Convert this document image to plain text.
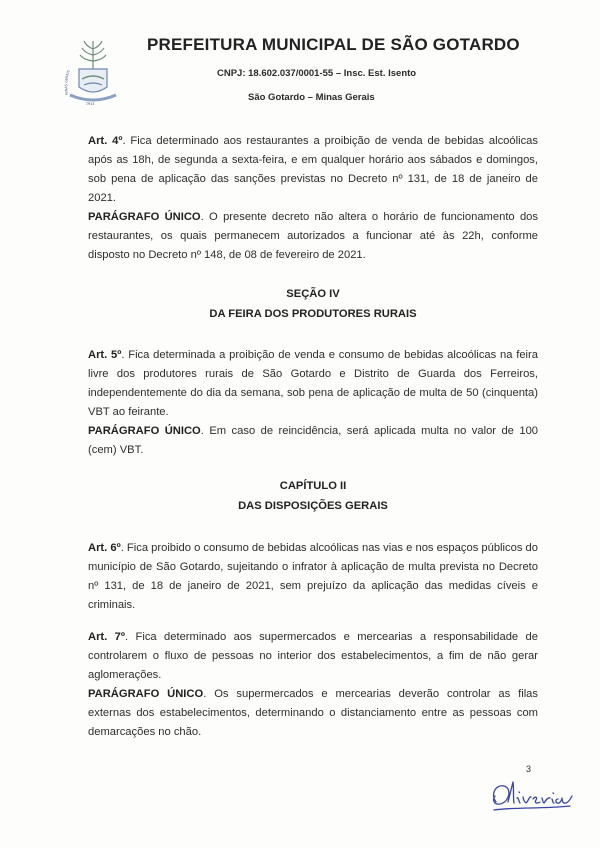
MINAS GERAIS
1914
PREFEITURA MUNICIPAL DE SÃO GOTARDO
CNPJ: 18.602.037/0001-55 – Insc. Est. Isento
São Gotardo – Minas Gerais
Art. 4º. Fica determinado aos restaurantes a proibição de venda de bebidas alcoólicas após as 18h, de segunda a sexta-feira, e em qualquer horário aos sábados e domingos, sob pena de aplicação das sanções previstas no Decreto nº 131, de 18 de janeiro de 2021.
PARÁGRAFO ÚNICO. O presente decreto não altera o horário de funcionamento dos restaurantes, os quais permanecem autorizados a funcionar até às 22h, conforme disposto no Decreto nº 148, de 08 de fevereiro de 2021.
SEÇÃO IV
DA FEIRA DOS PRODUTORES RURAIS
Art. 5º. Fica determinada a proibição de venda e consumo de bebidas alcoólicas na feira livre dos produtores rurais de São Gotardo e Distrito de Guarda dos Ferreiros, independentemente do dia da semana, sob pena de aplicação de multa de 50 (cinquenta) VBT ao feirante.
PARÁGRAFO ÚNICO. Em caso de reincidência, será aplicada multa no valor de 100 (cem) VBT.
CAPÍTULO II
DAS DISPOSIÇÕES GERAIS
Art. 6º. Fica proibido o consumo de bebidas alcoólicas nas vias e nos espaços públicos do município de São Gotardo, sujeitando o infrator à aplicação de multa prevista no Decreto nº 131, de 18 de janeiro de 2021, sem prejuízo da aplicação das medidas cíveis e criminais.
Art. 7º. Fica determinado aos supermercados e mercearias a responsabilidade de controlarem o fluxo de pessoas no interior dos estabelecimentos, a fim de não gerar aglomerações.
PARÁGRAFO ÚNICO. Os supermercados e mercearias deverão controlar as filas externas dos estabelecimentos, determinando o distanciamento entre as pessoas com demarcações no chão.
3
